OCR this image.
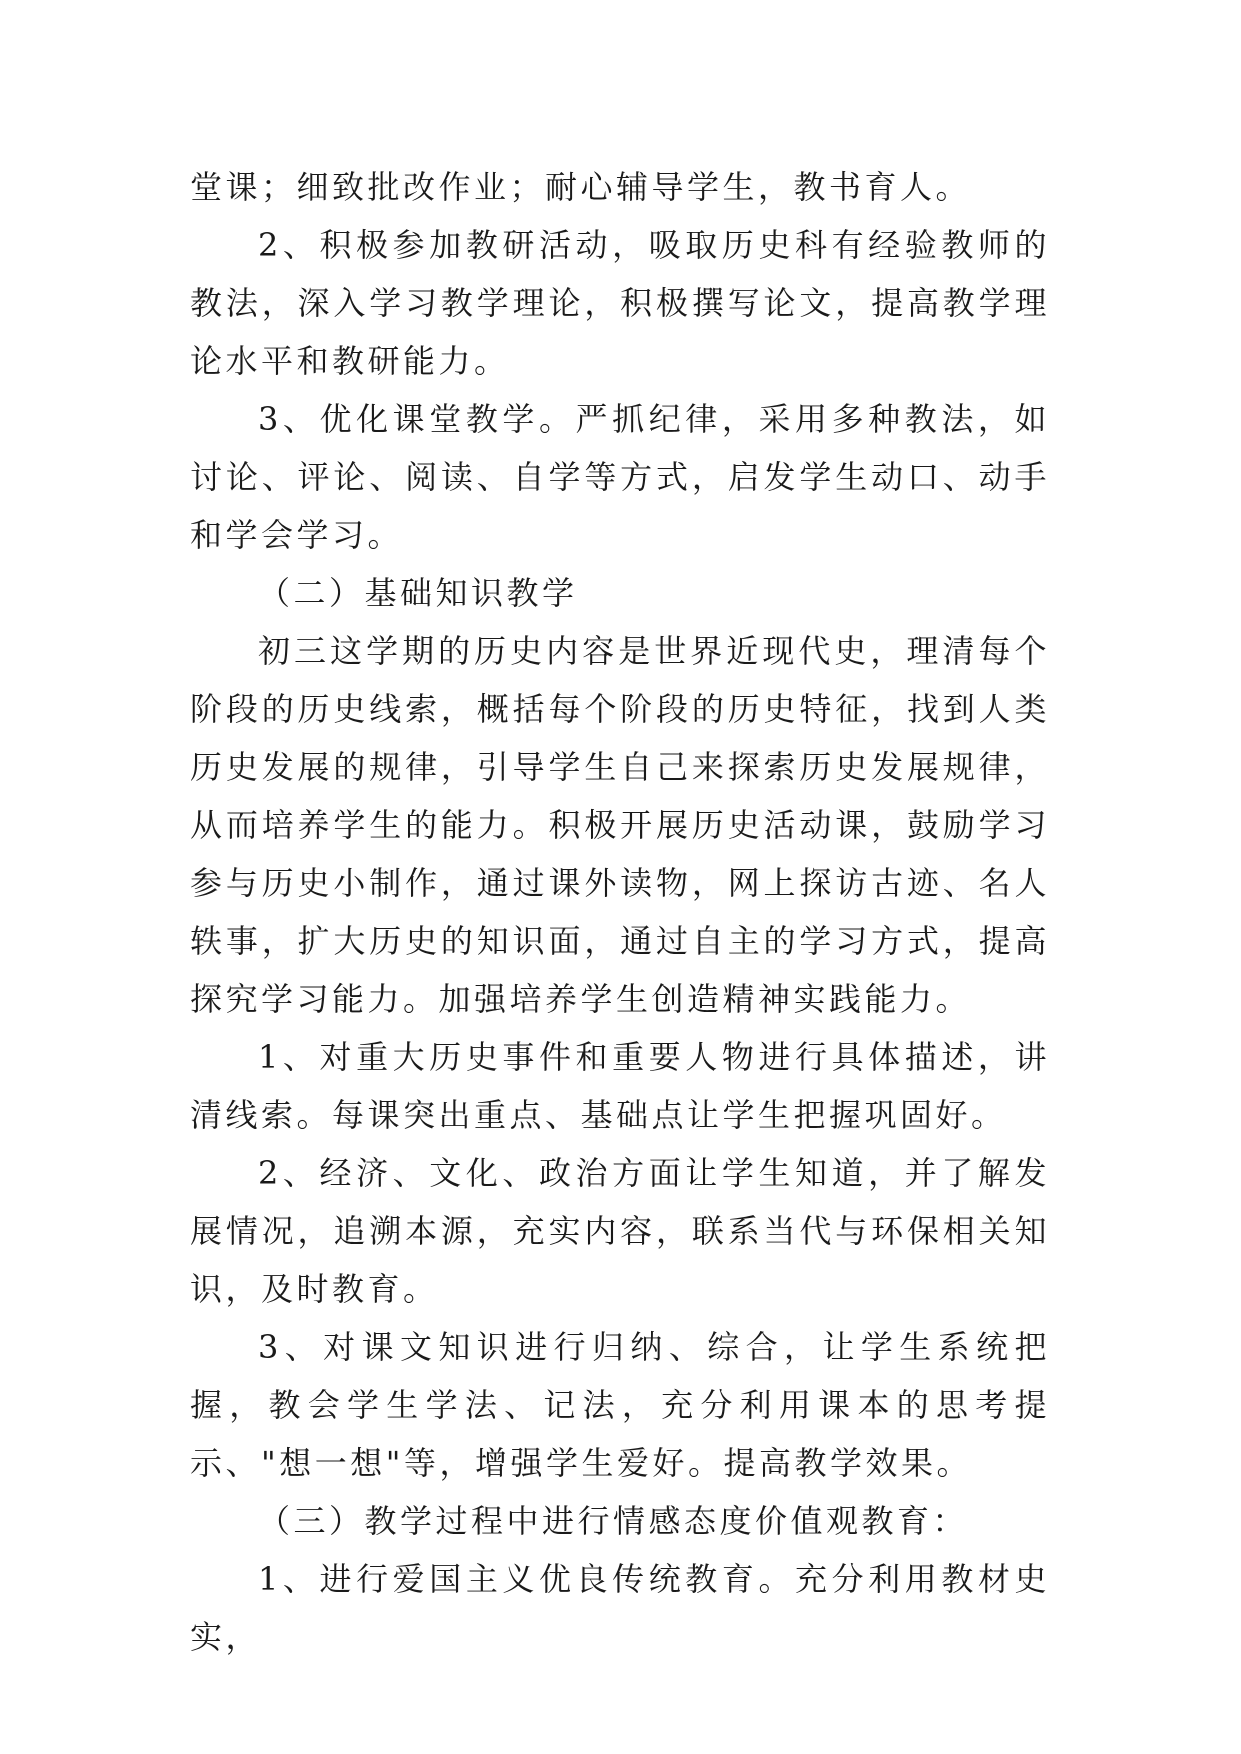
堂课；细致批改作业；耐心辅导学生，教书育人。

2、积极参加教研活动，吸取历史科有经验教师的教法，深入学习教学理论，积极撰写论文，提高教学理论水平和教研能力。

3、优化课堂教学。严抓纪律，采用多种教法，如讨论、评论、阅读、自学等方式，启发学生动口、动手和学会学习。

（二）基础知识教学

初三这学期的历史内容是世界近现代史，理清每个阶段的历史线索，概括每个阶段的历史特征，找到人类历史发展的规律，引导学生自己来探索历史发展规律，从而培养学生的能力。积极开展历史活动课，鼓励学习参与历史小制作，通过课外读物，网上探访古迹、名人轶事，扩大历史的知识面，通过自主的学习方式，提高探究学习能力。加强培养学生创造精神实践能力。

1、对重大历史事件和重要人物进行具体描述，讲清线索。每课突出重点、基础点让学生把握巩固好。

2、经济、文化、政治方面让学生知道，并了解发展情况，追溯本源，充实内容，联系当代与环保相关知识，及时教育。

3、对课文知识进行归纳、综合，让学生系统把握，教会学生学法、记法，充分利用课本的思考提示、"想一想"等，增强学生爱好。提高教学效果。

（三）教学过程中进行情感态度价值观教育：

1、进行爱国主义优良传统教育。充分利用教材史实，
